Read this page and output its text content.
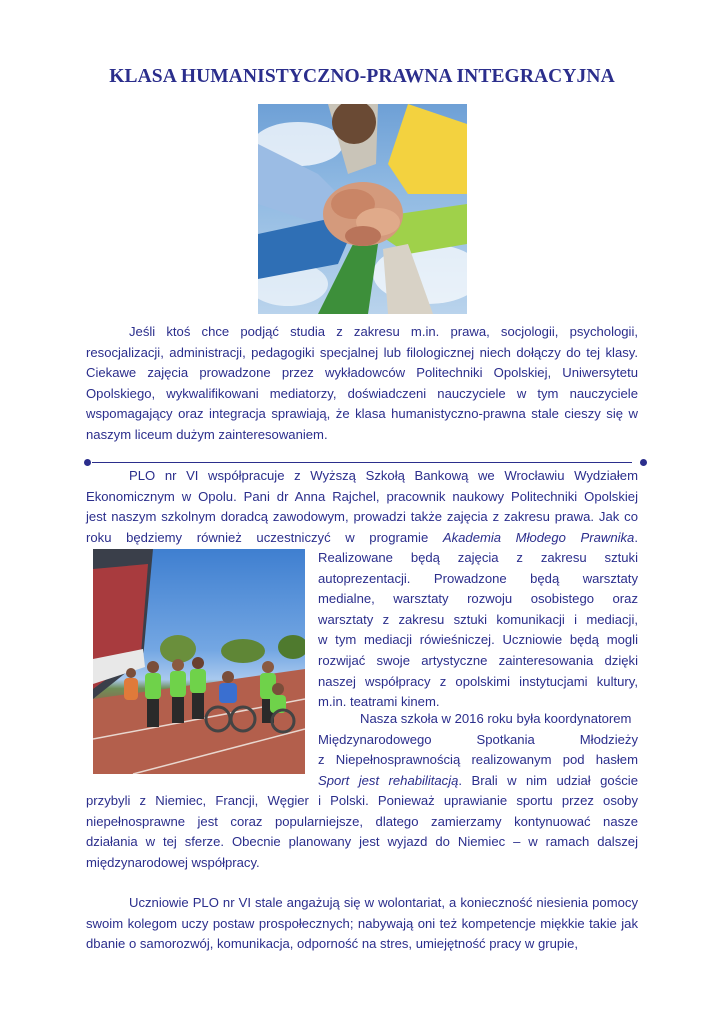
KLASA HUMANISTYCZNO-PRAWNA INTEGRACYJNA

Jeśli ktoś chce podjąć studia z zakresu m.in. prawa, socjologii, psychologii, resocjalizacji, administracji, pedagogiki specjalnej lub filologicznej niech dołączy do tej klasy. Ciekawe zajęcia prowadzone przez wykładowców Politechniki Opolskiej, Uniwersytetu Opolskiego, wykwalifikowani mediatorzy, doświadczeni nauczyciele w tym nauczyciele wspomagający oraz integracja sprawiają, że klasa humanistyczno-prawna stale cieszy się w naszym liceum dużym zainteresowaniem.

PLO nr VI współpracuje z Wyższą Szkołą Bankową we Wrocławiu Wydziałem
Ekonomicznym w Opolu. Pani dr Anna Rajchel, pracownik naukowy Politechniki Opolskiej
jest naszym szkolnym doradcą zawodowym, prowadzi także zajęcia z zakresu prawa. Jak co
roku będziemy również uczestniczyć w programie Akademia Młodego Prawnika.
Realizowane będą zajęcia z zakresu sztuki
autoprezentacji. Prowadzone będą warsztaty
medialne, warsztaty rozwoju osobistego oraz
warsztaty z zakresu sztuki komunikacji i mediacji,
w tym mediacji rówieśniczej. Uczniowie będą mogli
rozwijać swoje artystyczne zainteresowania dzięki
naszej współpracy z opolskimi instytucjami kultury,
m.in. teatrami kinem.
Nasza szkoła w 2016 roku była koordynatorem
Międzynarodowego Spotkania Młodzieży
z Niepełnosprawnością realizowanym pod hasłem
Sport jest rehabilitacją. Brali w nim udział goście
przybyli z Niemiec, Francji, Węgier i Polski. Ponieważ uprawianie sportu przez osoby
niepełnosprawne jest coraz popularniejsze, dlatego zamierzamy kontynuować nasze
działania w tej sferze. Obecnie planowany jest wyjazd do Niemiec – w ramach dalszej
międzynarodowej współpracy.

Uczniowie PLO nr VI stale angażują się w wolontariat, a konieczność niesienia pomocy swoim kolegom uczy postaw prospołecznych; nabywają oni też kompetencje miękkie takie jak dbanie o samorozwój, komunikacja, odporność na stres, umiejętność pracy w grupie,
